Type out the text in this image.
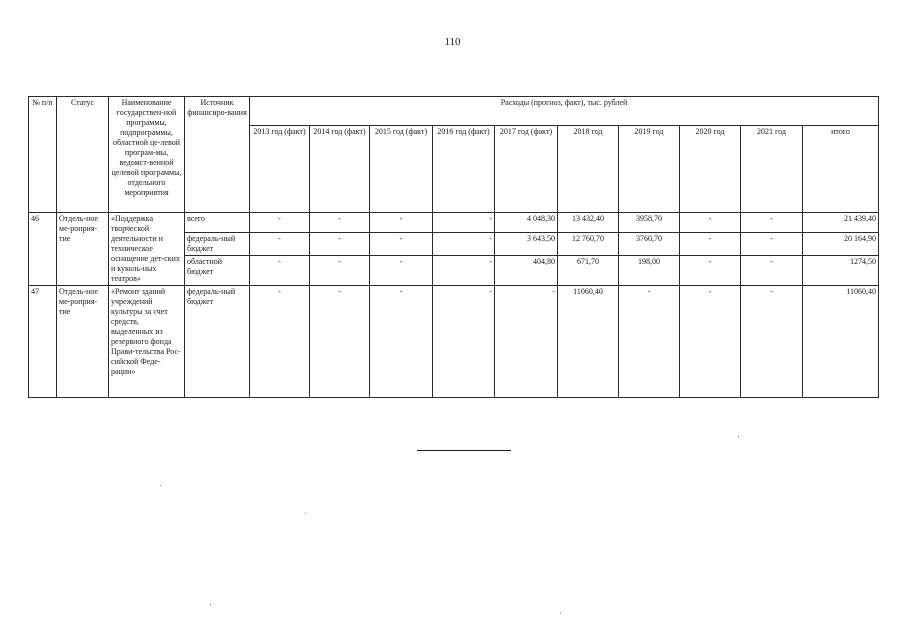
110
№ п/п	Статус	Наименование государствен-ной программы, подпрограммы, областной це-левой програм-мы, ведомст-венной целевой программы, отдельного мероприятия	Источник финансиро-вания	Расходы (прогноз, факт), тыс. рублей									
				2013 год (факт)	2014 год (факт)	2015 год (факт)	2016 год (факт)	2017 год (факт)	2018 год	2019 год	2020 год	2021 год	итого
46	Отдель-ное ме-роприя-тие	«Поддержка творческой деятельности и техническое оснащение дет-ских и куколь-ных театров»	всего	-	-	-	-	4 048,30	13 432,40	3958,70	-	-	21 439,40
			федераль-ный бюджет	-	-	-	-	3 643,50	12 760,70	3760,70	-	-	20 164,90
			областной бюджет	-	-	-	-	404,80	671,70	198,00	-	-	1274,50
47	Отдель-ное ме-роприя-тие	«Ремонт зданий учреждений культуры за счет средств, выделенных из резервного фонда Прави-тельства Рос-сийской Феде-рации»	федераль-ный бюджет	-	-	-	-	-	11060,40	-	-	-	11060,40
